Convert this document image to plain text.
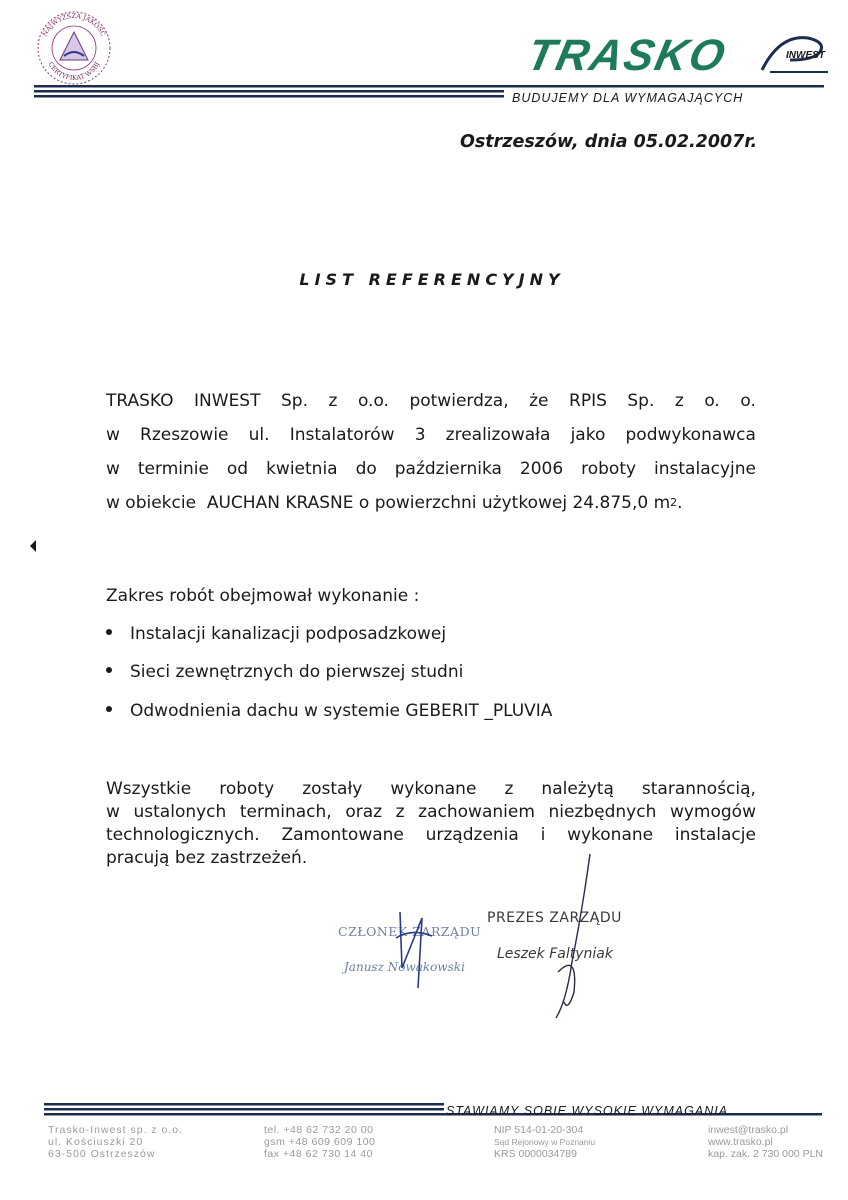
NAJWYŻSZA JAKOŚĆ
CERTYFIKAT WSBJ	TRASKO	INWEST
BUDUJEMY DLA WYMAGAJĄCYCH
Ostrzeszów, dnia 05.02.2007r.
LIST REFERENCYJNY
TRASKO INWEST Sp. z o.o. potwierdza, że RPIS Sp. z o. o.
w Rzeszowie ul. Instalatorów 3 zrealizowała jako podwykonawca
w terminie od kwietnia do października 2006 roboty instalacyjne
w obiekcie  AUCHAN KRASNE o powierzchni użytkowej 24.875,0 m 2 .
Zakres robót obejmował wykonanie :
Instalacji kanalizacji podposadzkowej
Sieci zewnętrznych do pierwszej studni
Odwodnienia dachu w systemie GEBERIT _PLUVIA
Wszystkie roboty zostały wykonane z należytą starannością,
w ustalonych terminach, oraz z zachowaniem niezbędnych wymogów
technologicznych. Zamontowane urządzenia i wykonane instalacje
pracują bez zastrzeżeń.
CZŁONEK ZARZĄDU
Janusz Nowakowski
PREZES ZARZĄDU
Leszek Faltyniak
STAWIAMY SOBIE WYSOKIE WYMAGANIA
Trasko-Inwest sp. z o.o.
ul. Kościuszki 20
63-500 Ostrzeszów
tel. +48 62 732 20 00
gsm +48 609 609 100
fax +48 62 730 14 40
NIP 514-01-20-304
Sąd Rejonowy w Poznaniu
KRS 0000034789
inwest@trasko.pl
www.trasko.pl
kap. zak. 2 730 000 PLN
